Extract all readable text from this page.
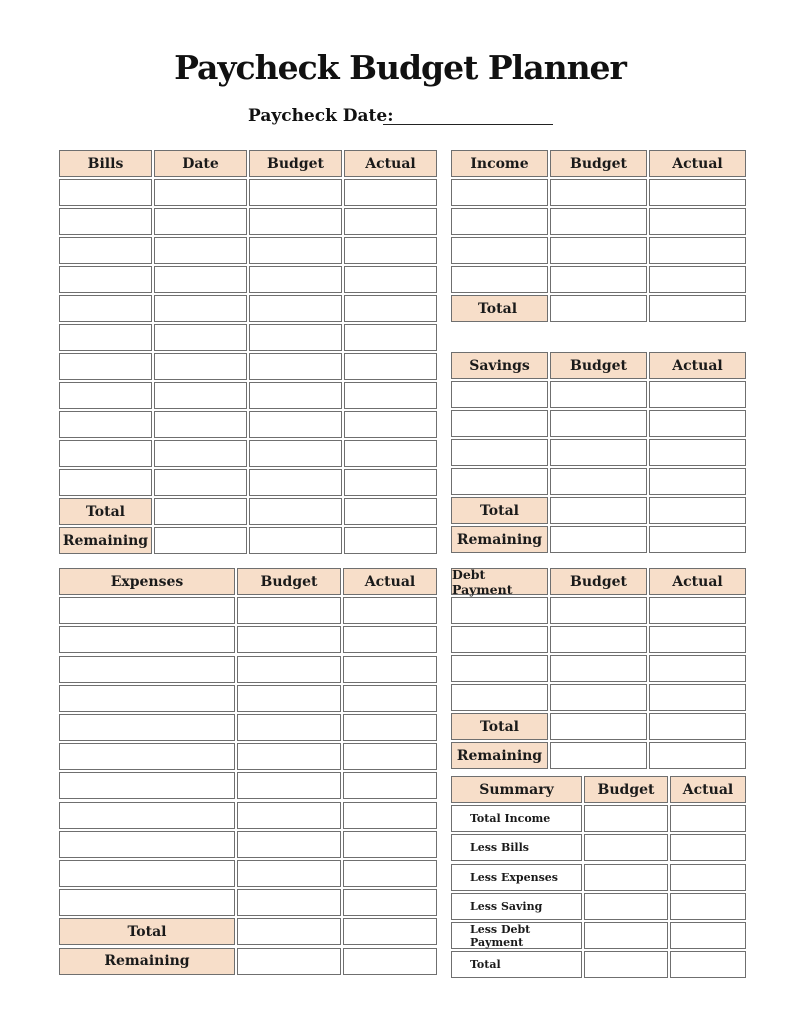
Paycheck Budget Planner
Paycheck Date:
Bills	Date	Budget	Actual
Total
Remaining
Income	Budget	Actual
Total
Savings	Budget	Actual
Total
Remaining
Expenses	Budget	Actual
Total
Remaining
Debt Payment	Budget	Actual
Total
Remaining
Summary	Budget	Actual
Total Income
Less Bills
Less Expenses
Less Saving
Less Debt Payment
Total
